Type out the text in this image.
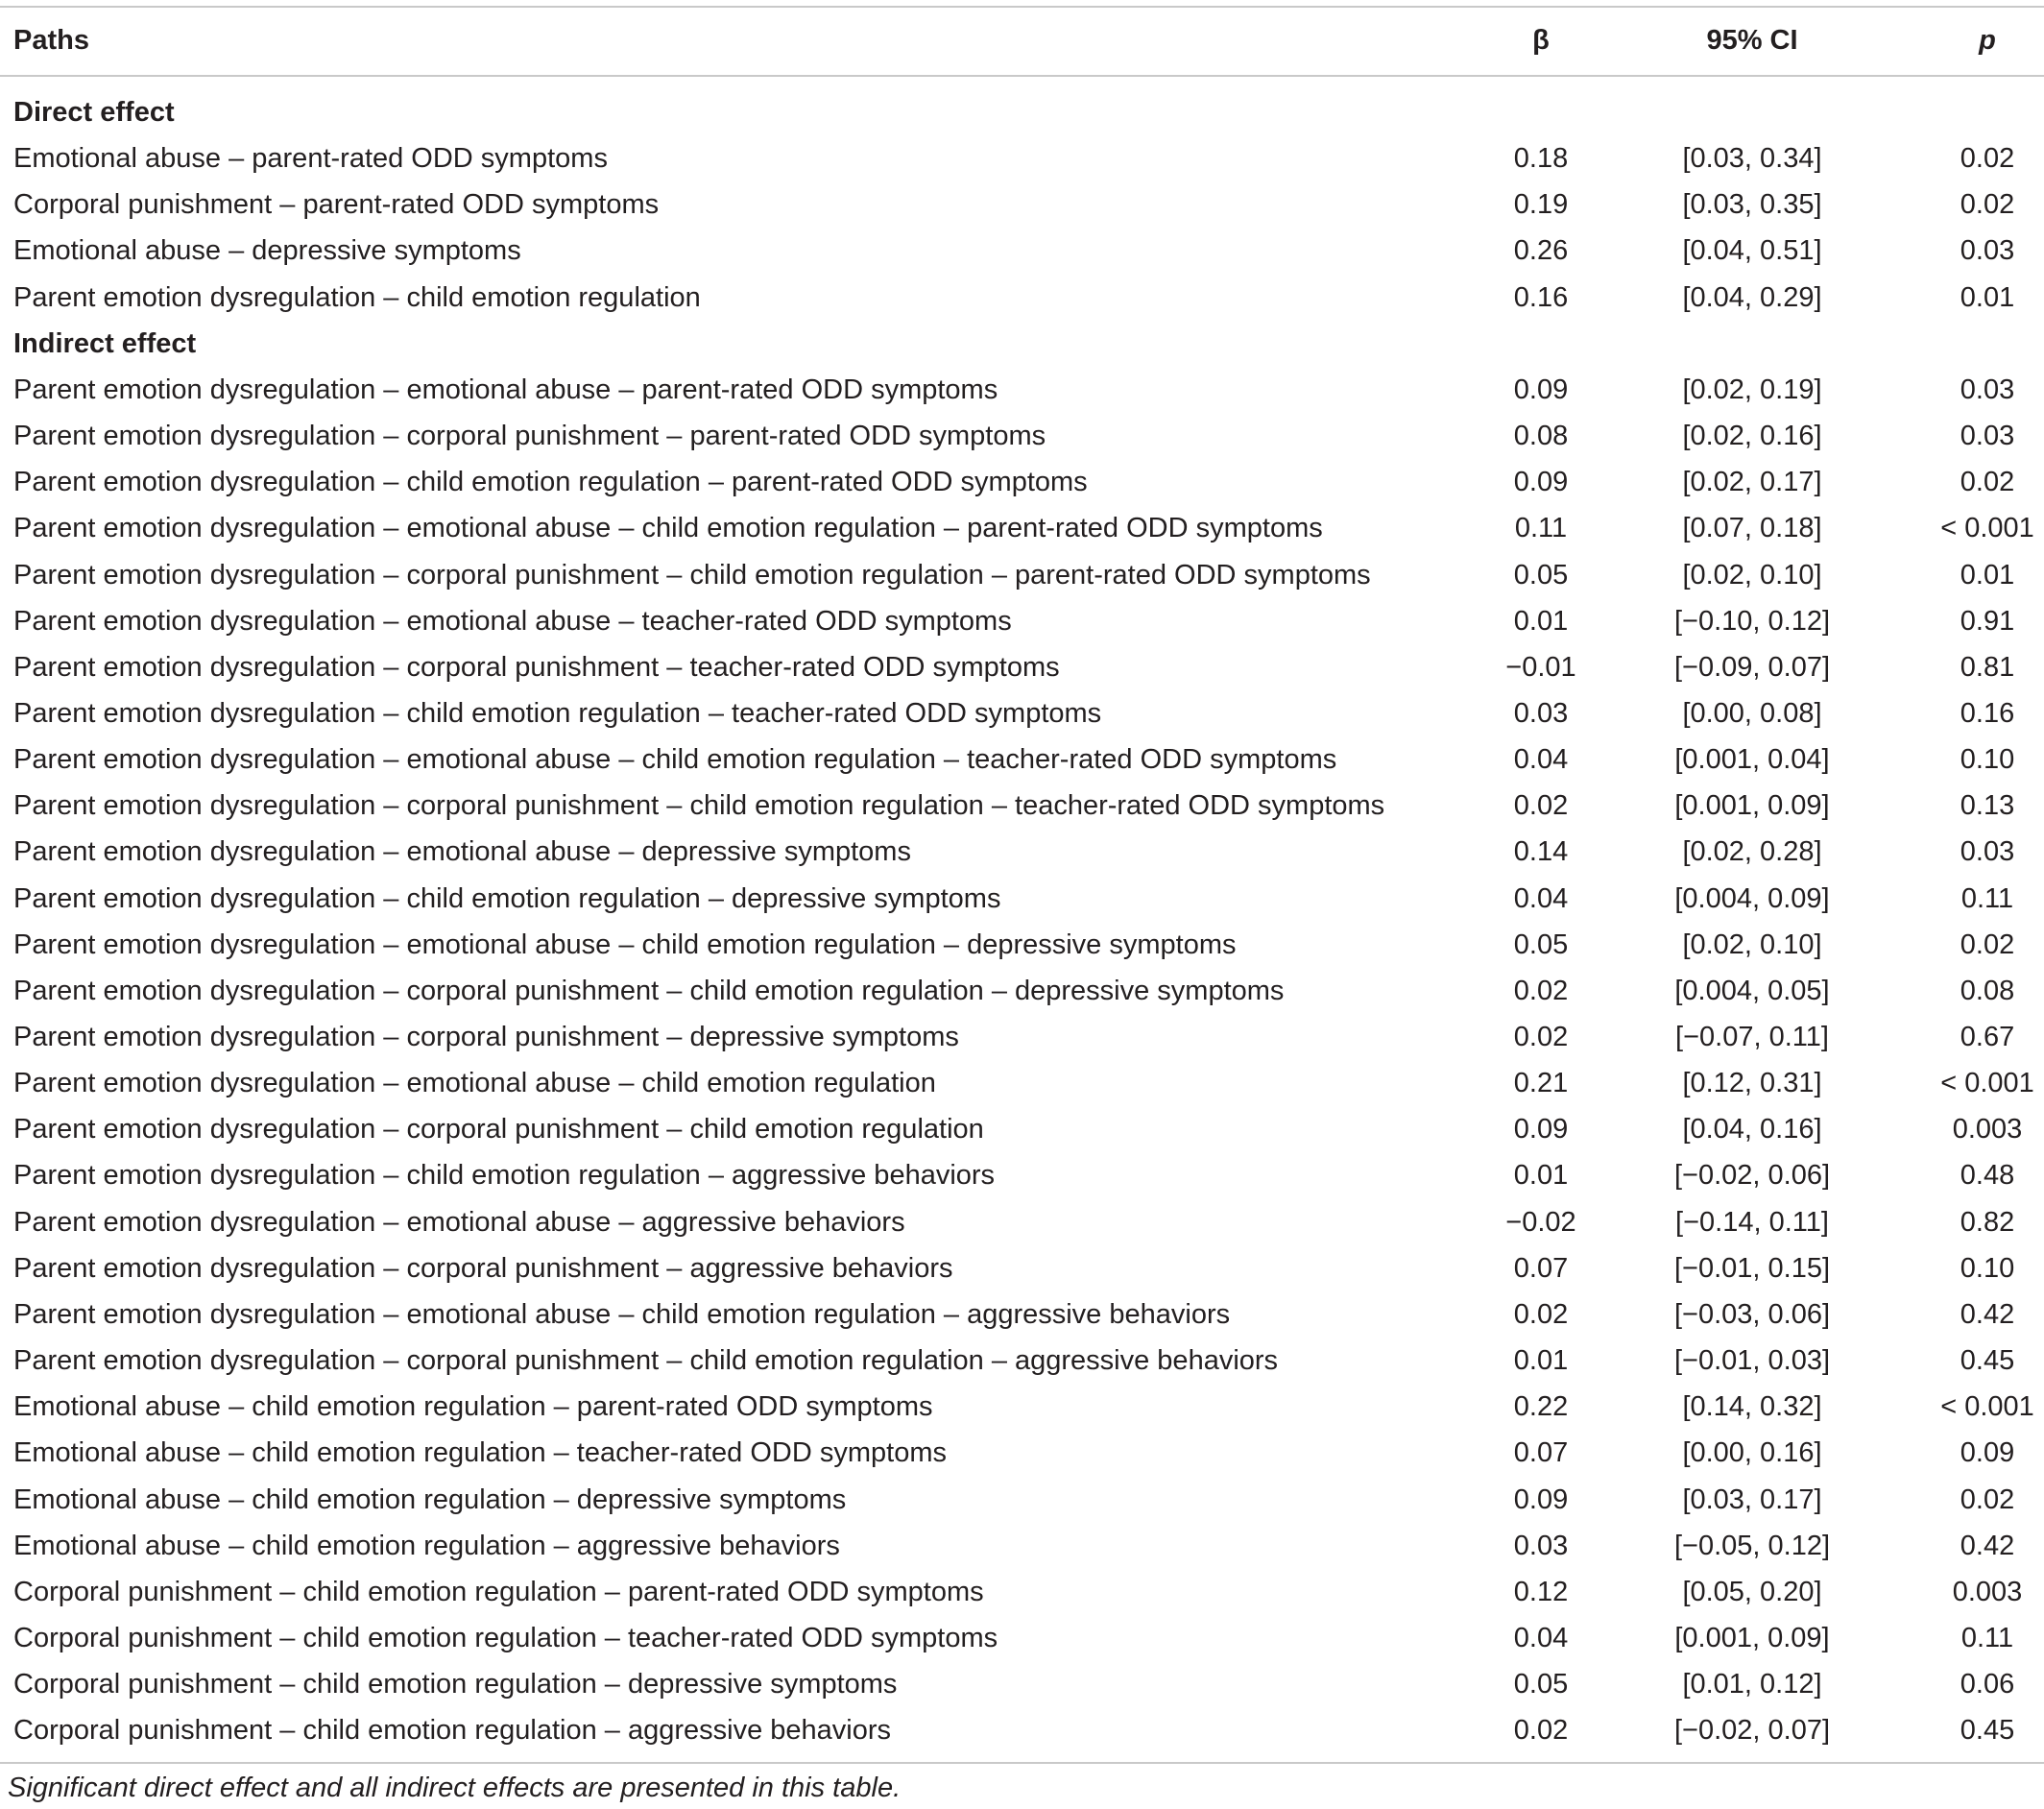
Paths	β	95% CI	p
Direct effect
Emotional abuse – parent-rated ODD symptoms	0.18	[0.03, 0.34]	0.02
Corporal punishment – parent-rated ODD symptoms	0.19	[0.03, 0.35]	0.02
Emotional abuse – depressive symptoms	0.26	[0.04, 0.51]	0.03
Parent emotion dysregulation – child emotion regulation	0.16	[0.04, 0.29]	0.01
Indirect effect
Parent emotion dysregulation – emotional abuse – parent-rated ODD symptoms	0.09	[0.02, 0.19]	0.03
Parent emotion dysregulation – corporal punishment – parent-rated ODD symptoms	0.08	[0.02, 0.16]	0.03
Parent emotion dysregulation – child emotion regulation – parent-rated ODD symptoms	0.09	[0.02, 0.17]	0.02
Parent emotion dysregulation – emotional abuse – child emotion regulation – parent-rated ODD symptoms	0.11	[0.07, 0.18]	< 0.001
Parent emotion dysregulation – corporal punishment – child emotion regulation – parent-rated ODD symptoms	0.05	[0.02, 0.10]	0.01
Parent emotion dysregulation – emotional abuse – teacher-rated ODD symptoms	0.01	[−0.10, 0.12]	0.91
Parent emotion dysregulation – corporal punishment – teacher-rated ODD symptoms	−0.01	[−0.09, 0.07]	0.81
Parent emotion dysregulation – child emotion regulation – teacher-rated ODD symptoms	0.03	[0.00, 0.08]	0.16
Parent emotion dysregulation – emotional abuse – child emotion regulation – teacher-rated ODD symptoms	0.04	[0.001, 0.04]	0.10
Parent emotion dysregulation – corporal punishment – child emotion regulation – teacher-rated ODD symptoms	0.02	[0.001, 0.09]	0.13
Parent emotion dysregulation – emotional abuse – depressive symptoms	0.14	[0.02, 0.28]	0.03
Parent emotion dysregulation – child emotion regulation – depressive symptoms	0.04	[0.004, 0.09]	0.11
Parent emotion dysregulation – emotional abuse – child emotion regulation – depressive symptoms	0.05	[0.02, 0.10]	0.02
Parent emotion dysregulation – corporal punishment – child emotion regulation – depressive symptoms	0.02	[0.004, 0.05]	0.08
Parent emotion dysregulation – corporal punishment – depressive symptoms	0.02	[−0.07, 0.11]	0.67
Parent emotion dysregulation – emotional abuse – child emotion regulation	0.21	[0.12, 0.31]	< 0.001
Parent emotion dysregulation – corporal punishment – child emotion regulation	0.09	[0.04, 0.16]	0.003
Parent emotion dysregulation – child emotion regulation – aggressive behaviors	0.01	[−0.02, 0.06]	0.48
Parent emotion dysregulation – emotional abuse – aggressive behaviors	−0.02	[−0.14, 0.11]	0.82
Parent emotion dysregulation – corporal punishment – aggressive behaviors	0.07	[−0.01, 0.15]	0.10
Parent emotion dysregulation – emotional abuse – child emotion regulation – aggressive behaviors	0.02	[−0.03, 0.06]	0.42
Parent emotion dysregulation – corporal punishment – child emotion regulation – aggressive behaviors	0.01	[−0.01, 0.03]	0.45
Emotional abuse – child emotion regulation – parent-rated ODD symptoms	0.22	[0.14, 0.32]	< 0.001
Emotional abuse – child emotion regulation – teacher-rated ODD symptoms	0.07	[0.00, 0.16]	0.09
Emotional abuse – child emotion regulation – depressive symptoms	0.09	[0.03, 0.17]	0.02
Emotional abuse – child emotion regulation – aggressive behaviors	0.03	[−0.05, 0.12]	0.42
Corporal punishment – child emotion regulation – parent-rated ODD symptoms	0.12	[0.05, 0.20]	0.003
Corporal punishment – child emotion regulation – teacher-rated ODD symptoms	0.04	[0.001, 0.09]	0.11
Corporal punishment – child emotion regulation – depressive symptoms	0.05	[0.01, 0.12]	0.06
Corporal punishment – child emotion regulation – aggressive behaviors	0.02	[−0.02, 0.07]	0.45
Significant direct effect and all indirect effects are presented in this table.
